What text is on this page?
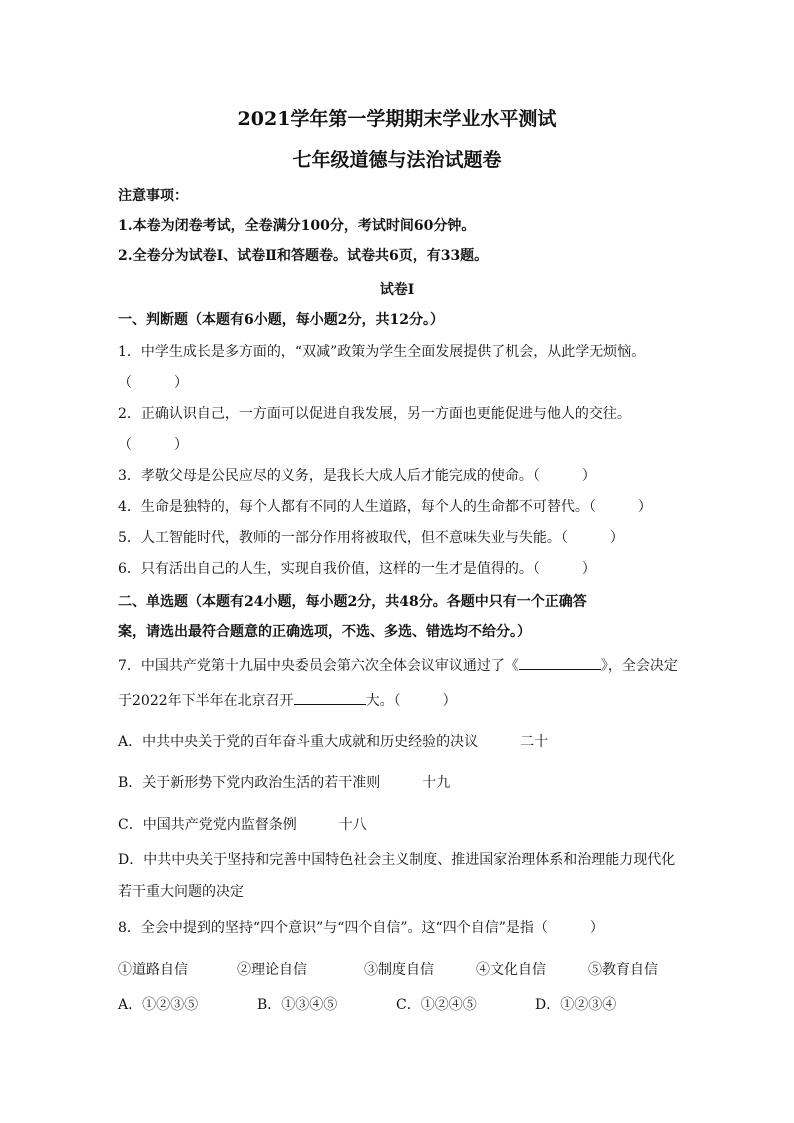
2021学年第一学期期末学业水平测试
七年级道德与法治试题卷
注意事项：
1.本卷为闭卷考试，全卷满分100分，考试时间60分钟。
2.全卷分为试卷Ⅰ、试卷Ⅱ和答题卷。试卷共6页，有33题。
试卷Ⅰ
一、判断题（本题有6小题，每小题2分，共12分。）
1．中学生成长是多方面的，“双减”政策为学生全面发展提供了机会，从此学无烦恼。
（　　　）
2．正确认识自己，一方面可以促进自我发展，另一方面也更能促进与他人的交往。
（　　　）
3．孝敬父母是公民应尽的义务，是我长大成人后才能完成的使命。（　　　）
4．生命是独特的，每个人都有不同的人生道路，每个人的生命都不可替代。（　　　）
5．人工智能时代，教师的一部分作用将被取代，但不意味失业与失能。（　　　）
6．只有活出自己的人生，实现自我价值，这样的一生才是值得的。（　　　）
二、单选题（本题有24小题，每小题2分，共48分。各题中只有一个正确答
案，请选出最符合题意的正确选项，不选、多选、错选均不给分。）
7．中国共产党第十九届中央委员会第六次全体会议审议通过了《	》，全会决定
于2022年下半年在北京召开	大。（　　　）
A．中共中央关于党的百年奋斗重大成就和历史经验的决议　　　二十
B．关于新形势下党内政治生活的若干准则　　　十九
C．中国共产党党内监督条例　　　十八
D．中共中央关于坚持和完善中国特色社会主义制度、推进国家治理体系和治理能力现代化
若干重大问题的决定
8．全会中提到的坚持“四个意识”与“四个自信”。这“四个自信”是指（　　　）
①道路自信	②理论自信	③制度自信	④文化自信	⑤教育自信
A．①②③⑤	B．①③④⑤	C．①②④⑤	D．①②③④
